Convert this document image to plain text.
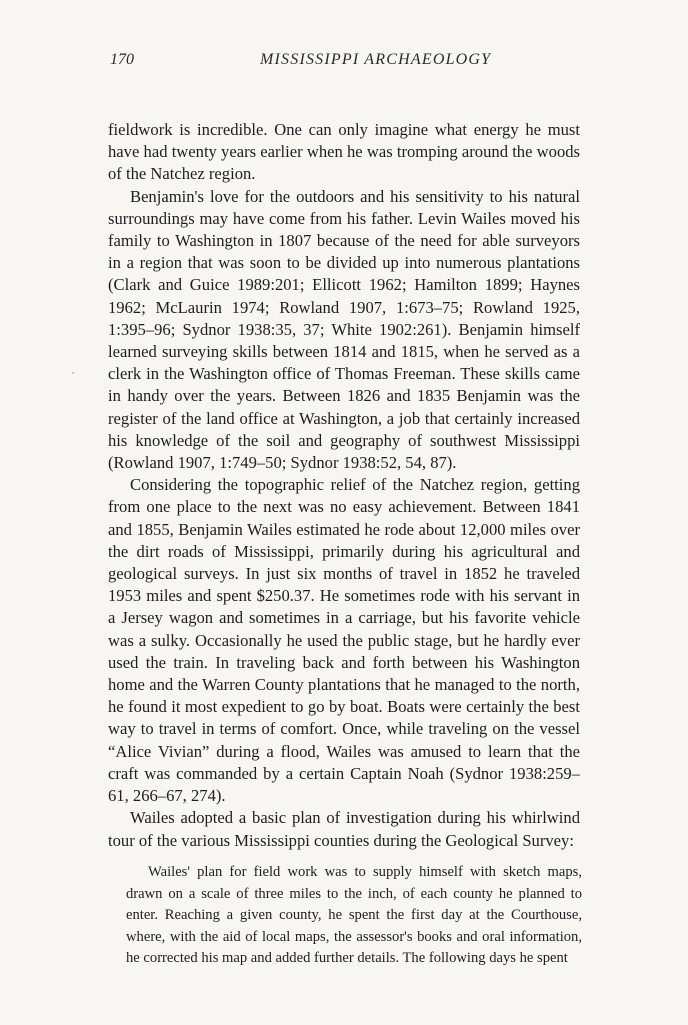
170	MISSISSIPPI ARCHAEOLOGY

fieldwork is incredible. One can only imagine what energy he must have had twenty years earlier when he was tromping around the woods of the Natchez region.

Benjamin's love for the outdoors and his sensitivity to his natural surroundings may have come from his father. Levin Wailes moved his family to Washington in 1807 because of the need for able surveyors in a region that was soon to be divided up into numerous plantations (Clark and Guice 1989:201; Ellicott 1962; Hamilton 1899; Haynes 1962; McLaurin 1974; Rowland 1907, 1:673–75; Rowland 1925, 1:395–96; Sydnor 1938:35, 37; White 1902:261). Benjamin himself learned surveying skills between 1814 and 1815, when he served as a clerk in the Washington office of Thomas Freeman. These skills came in handy over the years. Between 1826 and 1835 Benjamin was the register of the land office at Washington, a job that certainly increased his knowledge of the soil and geography of southwest Mississippi (Rowland 1907, 1:749–50; Sydnor 1938:52, 54, 87).

Considering the topographic relief of the Natchez region, getting from one place to the next was no easy achievement. Between 1841 and 1855, Benjamin Wailes estimated he rode about 12,000 miles over the dirt roads of Mississippi, primarily during his agricultural and geological surveys. In just six months of travel in 1852 he traveled 1953 miles and spent $250.37. He sometimes rode with his servant in a Jersey wagon and sometimes in a carriage, but his favorite vehicle was a sulky. Occasionally he used the public stage, but he hardly ever used the train. In traveling back and forth between his Washington home and the Warren County plantations that he managed to the north, he found it most expedient to go by boat. Boats were certainly the best way to travel in terms of comfort. Once, while traveling on the vessel “Alice Vivian” during a flood, Wailes was amused to learn that the craft was commanded by a certain Captain Noah (Sydnor 1938:259–61, 266–67, 274).

Wailes adopted a basic plan of investigation during his whirlwind tour of the various Mississippi counties during the Geological Survey:

Wailes' plan for field work was to supply himself with sketch maps, drawn on a scale of three miles to the inch, of each county he planned to enter. Reaching a given county, he spent the first day at the Courthouse, where, with the aid of local maps, the assessor's books and oral information, he corrected his map and added further details. The following days he spent
